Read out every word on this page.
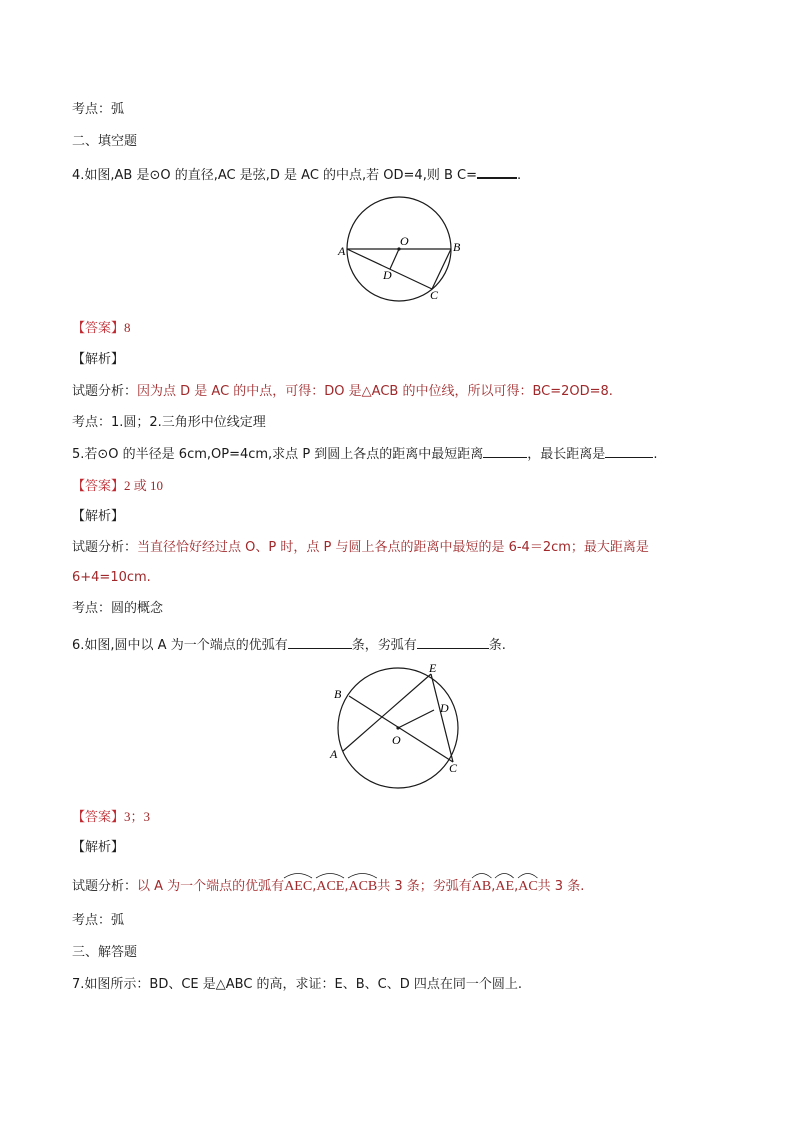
考点：弧
二、填空题
4.如图,AB 是⊙O 的直径,AC 是弦,D 是 AC 的中点,若 OD=4,则 B C=	.
A	B
O
D
C
【答案】8
【解析】
试题分析：因为点 D 是 AC 的中点，可得：DO 是△ACB 的中位线，所以可得：BC=2OD=8.
考点：1.圆；2.三角形中位线定理
5.若⊙O 的半径是 6cm,OP=4cm,求点 P 到圆上各点的距离中最短距离	，最长距离是	.
【答案】2 或 10
【解析】
试题分析：当直径恰好经过点 O、P 时，点 P 与圆上各点的距离中最短的是 6-4＝2cm；最大距离是
6+4=10cm.
考点：圆的概念
6.如图,圆中以 A 为一个端点的优弧有	条，劣弧有	条.
B
A
E
D
O
C
【答案】3；3
【解析】
试题分析：以 A 为一个端点的优弧有
AEC,
ACE,
ACB共 3 条；劣弧有
AB,
AE,
AC共 3 条.
考点：弧
三、解答题
7.如图所示：BD、CE 是△ABC 的高，求证：E、B、C、D 四点在同一个圆上.
